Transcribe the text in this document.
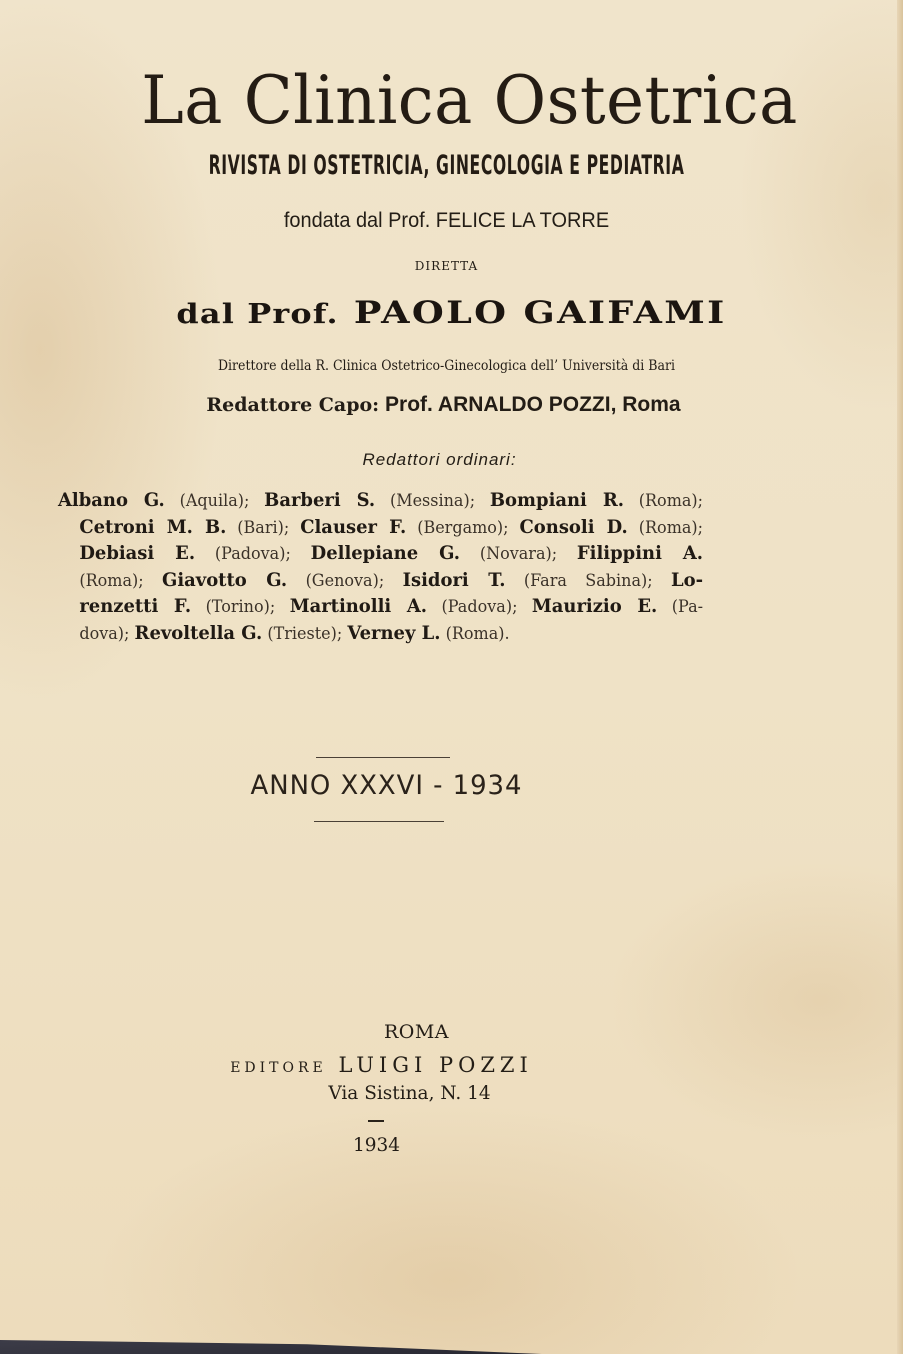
La Clinica Ostetrica
RIVISTA DI OSTETRICIA, GINECOLOGIA E PEDIATRIA
fondata dal Prof. FELICE LA TORRE
DIRETTA
dal Prof. PAOLO GAIFAMI
Direttore della R. Clinica Ostetrico-Ginecologica dell’ Università di Bari
Redattore Capo: Prof. ARNALDO POZZI, Roma
Redattori ordinari:
Albano G. (Aquila); Barberi S. (Messina); Bompiani R. (Roma);
Cetroni M. B. (Bari); Clauser F. (Bergamo); Consoli D. (Roma);
Debiasi E. (Padova); Dellepiane G. (Novara); Filippini A.
(Roma); Giavotto G. (Genova); Isidori T. (Fara Sabina); Lo-
renzetti F. (Torino); Martinolli A. (Padova); Maurizio E. (Pa-
dova); Revoltella G. (Trieste); Verney L. (Roma).
ANNO XXXVI - 1934
ROMA
EDITORE LUIGI POZZI
Via Sistina, N. 14
1934
